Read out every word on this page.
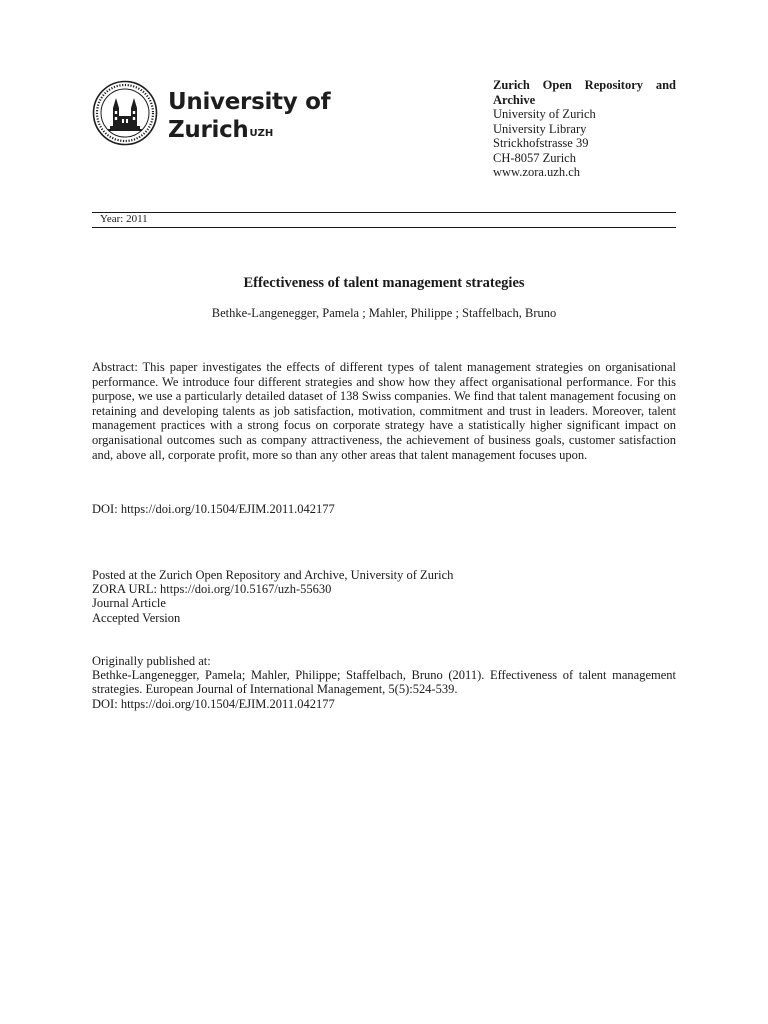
University of
Zurich$^{UZH}$
Zurich Open Repository and Archive
University of Zurich
University Library
Strickhofstrasse 39
CH-8057 Zurich
www.zora.uzh.ch
Year: 2011
Effectiveness of talent management strategies
Bethke-Langenegger, Pamela ; Mahler, Philippe ; Staffelbach, Bruno

Abstract: This paper investigates the effects of different types of talent management strategies on organisational performance. We introduce four different strategies and show how they affect organisational performance. For this purpose, we use a particularly detailed dataset of 138 Swiss companies. We find that talent management focusing on retaining and developing talents as job satisfaction, motivation, commitment and trust in leaders. Moreover, talent management practices with a strong focus on corporate strategy have a statistically higher significant impact on organisational outcomes such as company attractiveness, the achievement of business goals, customer satisfaction and, above all, corporate profit, more so than any other areas that talent management focuses upon.

DOI: https://doi.org/10.1504/EJIM.2011.042177
Posted at the Zurich Open Repository and Archive, University of Zurich
ZORA URL: https://doi.org/10.5167/uzh-55630
Journal Article
Accepted Version
Originally published at:
Bethke-Langenegger, Pamela; Mahler, Philippe; Staffelbach, Bruno (2011). Effectiveness of talent management strategies. European Journal of International Management, 5(5):524-539.
DOI: https://doi.org/10.1504/EJIM.2011.042177
